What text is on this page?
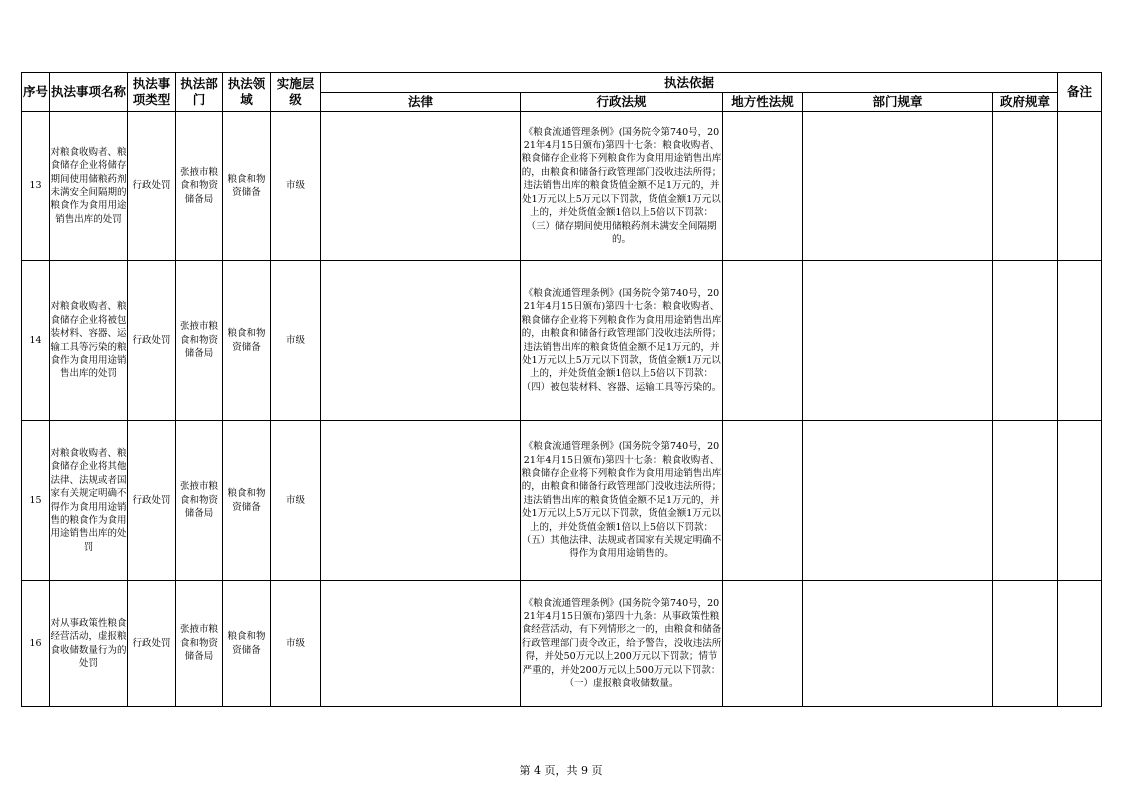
序号	执法事项名称	执法事项类型	执法部门	执法领域	实施层级	执法依据					备注
						法律	行政法规	地方性法规	部门规章	政府规章	
13	对粮食收购者、粮食储存企业将储存期间使用储粮药剂未满安全间隔期的粮食作为食用用途销售出库的处罚	行政处罚	张掖市粮食和物资储备局	粮食和物资储备	市级		《粮食流通管理条例》(国务院令第740号，2021年4月15日颁布)第四十七条：粮食收购者、粮食储存企业将下列粮食作为食用用途销售出库的，由粮食和储备行政管理部门没收违法所得；违法销售出库的粮食货值金额不足1万元的，并处1万元以上5万元以下罚款，货值金额1万元以上的，并处货值金额1倍以上5倍以下罚款：（三）储存期间使用储粮药剂未满安全间隔期的。				
14	对粮食收购者、粮食储存企业将被包装材料、容器、运输工具等污染的粮食作为食用用途销售出库的处罚	行政处罚	张掖市粮食和物资储备局	粮食和物资储备	市级		《粮食流通管理条例》(国务院令第740号，2021年4月15日颁布)第四十七条：粮食收购者、粮食储存企业将下列粮食作为食用用途销售出库的，由粮食和储备行政管理部门没收违法所得；违法销售出库的粮食货值金额不足1万元的，并处1万元以上5万元以下罚款，货值金额1万元以上的，并处货值金额1倍以上5倍以下罚款：（四）被包装材料、容器、运输工具等污染的。				
15	对粮食收购者、粮食储存企业将其他法律、法规或者国家有关规定明确不得作为食用用途销售的粮食作为食用用途销售出库的处罚	行政处罚	张掖市粮食和物资储备局	粮食和物资储备	市级		《粮食流通管理条例》(国务院令第740号，2021年4月15日颁布)第四十七条：粮食收购者、粮食储存企业将下列粮食作为食用用途销售出库的，由粮食和储备行政管理部门没收违法所得；违法销售出库的粮食货值金额不足1万元的，并处1万元以上5万元以下罚款，货值金额1万元以上的，并处货值金额1倍以上5倍以下罚款：（五）其他法律、法规或者国家有关规定明确不得作为食用用途销售的。				
16	对从事政策性粮食经营活动，虚报粮食收储数量行为的处罚	行政处罚	张掖市粮食和物资储备局	粮食和物资储备	市级		《粮食流通管理条例》(国务院令第740号，2021年4月15日颁布)第四十九条：从事政策性粮食经营活动，有下列情形之一的，由粮食和储备行政管理部门责令改正，给予警告，没收违法所得，并处50万元以上200万元以下罚款；情节严重的，并处200万元以上500万元以下罚款：（一）虚报粮食收储数量。				
第 4 页，共 9 页
